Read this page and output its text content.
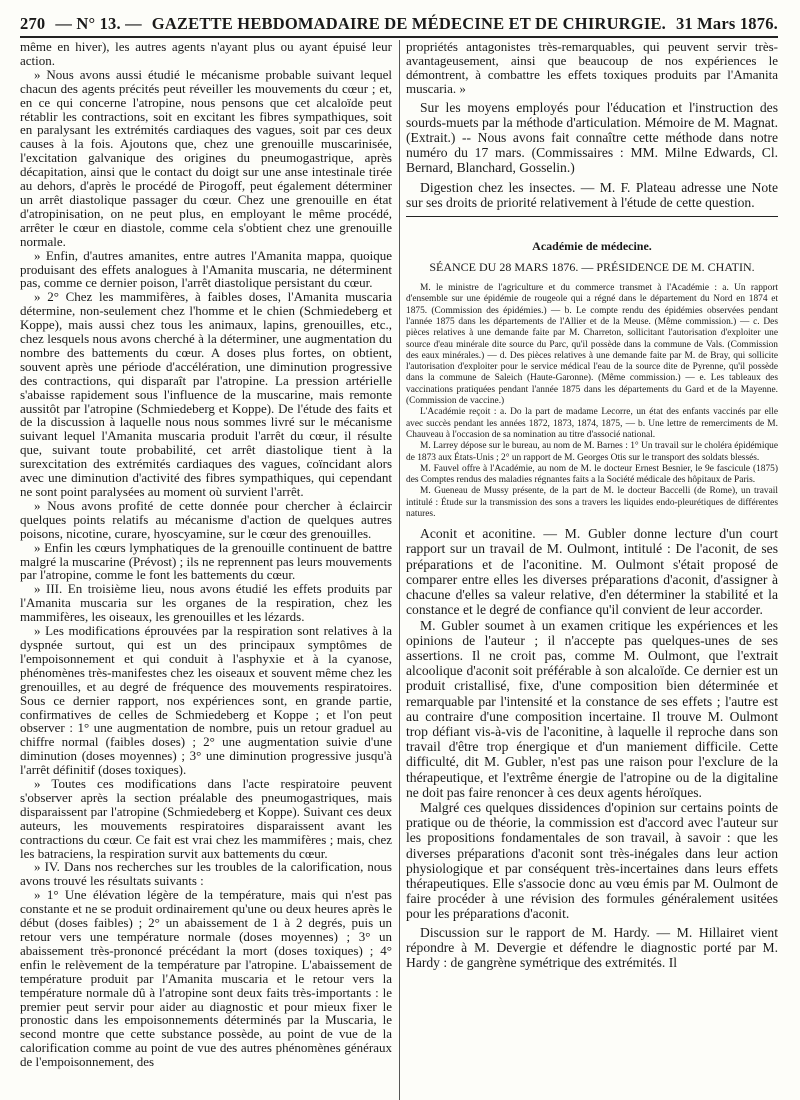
270 — N° 13. — GAZETTE HEBDOMADAIRE DE MÉDECINE ET DE CHIRURGIE. 31 Mars 1876.

même en hiver), les autres agents n'ayant plus ou ayant épuisé leur action.

» Nous avons aussi étudié le mécanisme probable suivant lequel chacun des agents précités peut réveiller les mouvements du cœur ; et, en ce qui concerne l'atropine, nous pensons que cet alcaloïde peut rétablir les contractions, soit en excitant les fibres sympathiques, soit en paralysant les extrémités cardiaques des vagues, soit par ces deux causes à la fois. Ajoutons que, chez une grenouille muscarinisée, l'excitation galvanique des origines du pneumogastrique, après décapitation, ainsi que le contact du doigt sur une anse intestinale tirée au dehors, d'après le procédé de Pirogoff, peut également déterminer un arrêt diastolique passager du cœur. Chez une grenouille en état d'atropinisation, on ne peut plus, en employant le même procédé, arrêter le cœur en diastole, comme cela s'obtient chez une grenouille normale.

» Enfin, d'autres amanites, entre autres l'Amanita mappa, quoique produisant des effets analogues à l'Amanita muscaria, ne déterminent pas, comme ce dernier poison, l'arrêt diastolique persistant du cœur.

» 2° Chez les mammifères, à faibles doses, l'Amanita muscaria détermine, non-seulement chez l'homme et le chien (Schmiedeberg et Koppe), mais aussi chez tous les animaux, lapins, grenouilles, etc., chez lesquels nous avons cherché à la déterminer, une augmentation du nombre des battements du cœur. A doses plus fortes, on obtient, souvent après une période d'accélération, une diminution progressive des contractions, qui disparaît par l'atropine. La pression artérielle s'abaisse rapidement sous l'influence de la muscarine, mais remonte aussitôt par l'atropine (Schmiedeberg et Koppe). De l'étude des faits et de la discussion à laquelle nous nous sommes livré sur le mécanisme suivant lequel l'Amanita muscaria produit l'arrêt du cœur, il résulte que, suivant toute probabilité, cet arrêt diastolique tient à la surexcitation des extrémités cardiaques des vagues, coïncidant alors avec une diminution d'activité des fibres sympathiques, qui cependant ne sont point paralysées au moment où survient l'arrêt.

» Nous avons profité de cette donnée pour chercher à éclaircir quelques points relatifs au mécanisme d'action de quelques autres poisons, nicotine, curare, hyoscyamine, sur le cœur des grenouilles.

» Enfin les cœurs lymphatiques de la grenouille continuent de battre malgré la muscarine (Prévost) ; ils ne reprennent pas leurs mouvements par l'atropine, comme le font les battements du cœur.

» III. En troisième lieu, nous avons étudié les effets produits par l'Amanita muscaria sur les organes de la respiration, chez les mammifères, les oiseaux, les grenouilles et les lézards.

» Les modifications éprouvées par la respiration sont relatives à la dyspnée surtout, qui est un des principaux symptômes de l'empoisonnement et qui conduit à l'asphyxie et à la cyanose, phénomènes très-manifestes chez les oiseaux et souvent même chez les grenouilles, et au degré de fréquence des mouvements respiratoires. Sous ce dernier rapport, nos expériences sont, en grande partie, confirmatives de celles de Schmiedeberg et Koppe ; et l'on peut observer : 1° une augmentation de nombre, puis un retour graduel au chiffre normal (faibles doses) ; 2° une augmentation suivie d'une diminution (doses moyennes) ; 3° une diminution progressive jusqu'à l'arrêt définitif (doses toxiques).

» Toutes ces modifications dans l'acte respiratoire peuvent s'observer après la section préalable des pneumogastriques, mais disparaissent par l'atropine (Schmiedeberg et Koppe). Suivant ces deux auteurs, les mouvements respiratoires disparaissent avant les contractions du cœur. Ce fait est vrai chez les mammifères ; mais, chez les batraciens, la respiration survit aux battements du cœur.

» IV. Dans nos recherches sur les troubles de la calorification, nous avons trouvé les résultats suivants :

» 1° Une élévation légère de la température, mais qui n'est pas constante et ne se produit ordinairement qu'une ou deux heures après le début (doses faibles) ; 2° un abaissement de 1 à 2 degrés, puis un retour vers une température normale (doses moyennes) ; 3° un abaissement très-prononcé précédant la mort (doses toxiques) ; 4° enfin le relèvement de la température par l'atropine. L'abaissement de température produit par l'Amanita muscaria et le retour vers la température normale dû à l'atropine sont deux faits très-importants : le premier peut servir pour aider au diagnostic et pour mieux fixer le pronostic dans les empoisonnements déterminés par la Muscaria, le second montre que cette substance possède, au point de vue de la calorification comme au point de vue des autres phénomènes généraux de l'empoisonnement, des

propriétés antagonistes très-remarquables, qui peuvent servir très-avantageusement, ainsi que beaucoup de nos expériences le démontrent, à combattre les effets toxiques produits par l'Amanita muscaria. »

Sur les moyens employés pour l'éducation et l'instruction des sourds-muets par la méthode d'articulation. Mémoire de M. Magnat. (Extrait.) -- Nous avons fait connaître cette méthode dans notre numéro du 17 mars. (Commissaires : MM. Milne Edwards, Cl. Bernard, Blanchard, Gosselin.)

Digestion chez les insectes. — M. F. Plateau adresse une Note sur ses droits de priorité relativement à l'étude de cette question.

Académie de médecine.
SÉANCE DU 28 MARS 1876. — PRÉSIDENCE DE M. CHATIN.

M. le ministre de l'agriculture et du commerce transmet à l'Académie : a. Un rapport d'ensemble sur une épidémie de rougeole qui a régné dans le département du Nord en 1874 et 1875. (Commission des épidémies.) — b. Le compte rendu des épidémies observées pendant l'année 1875 dans les départements de l'Allier et de la Meuse. (Même commission.) — c. Des pièces relatives à une demande faite par M. Charreton, sollicitant l'autorisation d'exploiter une source d'eau minérale dite source du Parc, qu'il possède dans la commune de Vals. (Commission des eaux minérales.) — d. Des pièces relatives à une demande faite par M. de Bray, qui sollicite l'autorisation d'exploiter pour le service médical l'eau de la source dite de Pyrenne, qu'il possède dans la commune de Saleich (Haute-Garonne). (Même commission.) — e. Les tableaux des vaccinations pratiquées pendant l'année 1875 dans les départements du Gard et de la Mayenne. (Commission de vaccine.)

L'Académie reçoit : a. Do la part de madame Lecorre, un état des enfants vaccinés par elle avec succès pendant les années 1872, 1873, 1874, 1875, — b. Une lettre de remerciments de M. Chauveau à l'occasion de sa nomination au titre d'associé national.

M. Larrey dépose sur le bureau, au nom de M. Barnes : 1° Un travail sur le choléra épidémique de 1873 aux États-Unis ; 2° un rapport de M. Georges Otis sur le transport des soldats blessés.

M. Fauvel offre à l'Académie, au nom de M. le docteur Ernest Besnier, le 9e fascicule (1875) des Comptes rendus des maladies régnantes faits a la Société médicale des hôpitaux de Paris.

M. Gueneau de Mussy présente, de la part de M. le docteur Baccelli (de Rome), un travail intitulé : Étude sur la transmission des sons a travers les liquides endo-pleurétiques de différentes natures.

Aconit et aconitine. — M. Gubler donne lecture d'un court rapport sur un travail de M. Oulmont, intitulé : De l'aconit, de ses préparations et de l'aconitine. M. Oulmont s'était proposé de comparer entre elles les diverses préparations d'aconit, d'assigner à chacune d'elles sa valeur relative, d'en déterminer la stabilité et la constance et le degré de confiance qu'il convient de leur accorder.

M. Gubler soumet à un examen critique les expériences et les opinions de l'auteur ; il n'accepte pas quelques-unes de ses assertions. Il ne croit pas, comme M. Oulmont, que l'extrait alcoolique d'aconit soit préférable à son alcaloïde. Ce dernier est un produit cristallisé, fixe, d'une composition bien déterminée et remarquable par l'intensité et la constance de ses effets ; l'autre est au contraire d'une composition incertaine. Il trouve M. Oulmont trop défiant vis-à-vis de l'aconitine, à laquelle il reproche dans son travail d'être trop énergique et d'un maniement difficile. Cette difficulté, dit M. Gubler, n'est pas une raison pour l'exclure de la thérapeutique, et l'extrême énergie de l'atropine ou de la digitaline ne doit pas faire renoncer à ces deux agents héroïques.

Malgré ces quelques dissidences d'opinion sur certains points de pratique ou de théorie, la commission est d'accord avec l'auteur sur les propositions fondamentales de son travail, à savoir : que les diverses préparations d'aconit sont très-inégales dans leur action physiologique et par conséquent très-incertaines dans leurs effets thérapeutiques. Elle s'associe donc au vœu émis par M. Oulmont de faire procéder à une révision des formules généralement usitées pour les préparations d'aconit.

Discussion sur le rapport de M. Hardy. — M. Hillairet vient répondre à M. Devergie et défendre le diagnostic porté par M. Hardy : de gangrène symétrique des extrémités. Il
